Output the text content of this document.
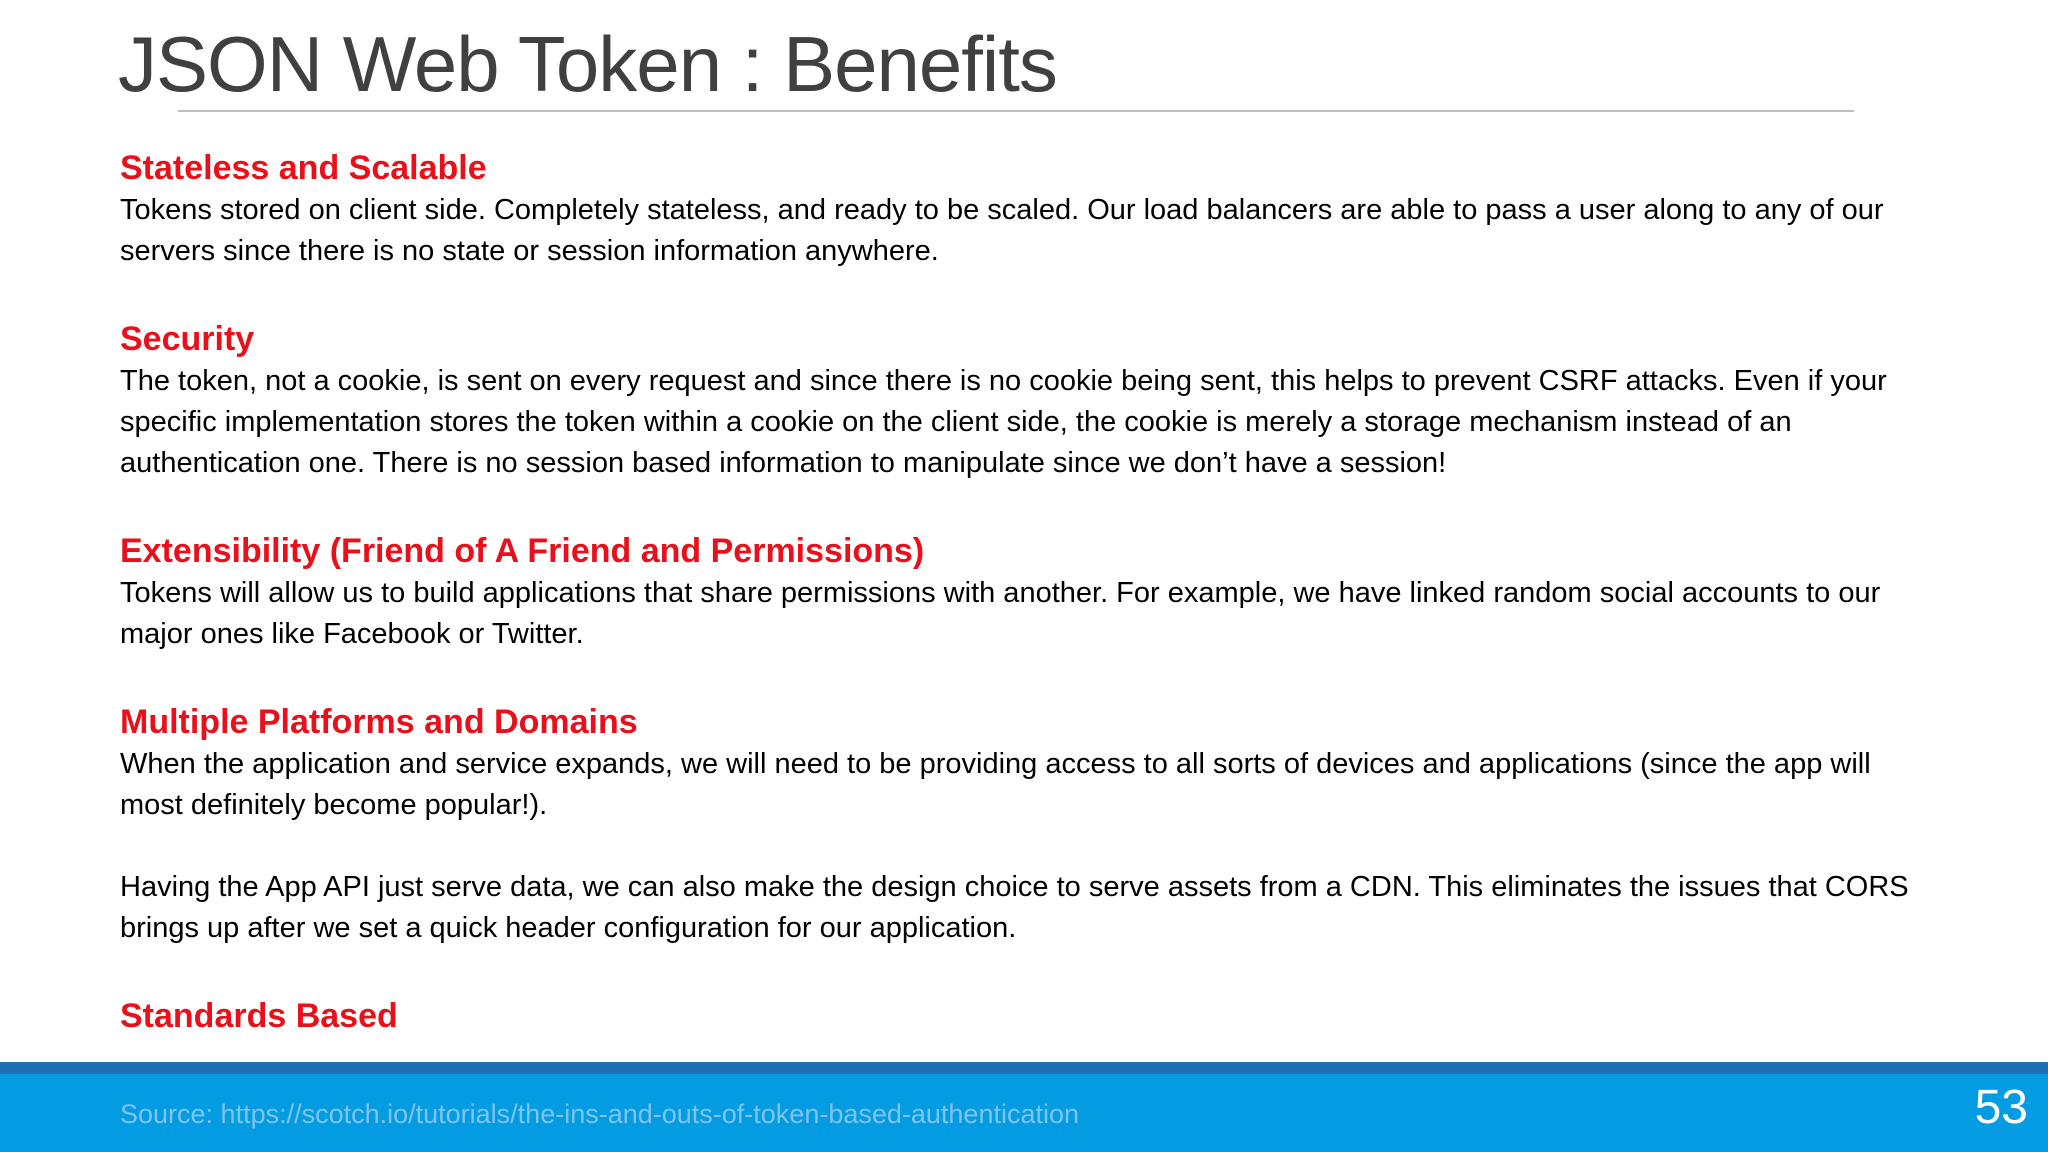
JSON Web Token : Benefits
Stateless and Scalable

Tokens stored on client side. Completely stateless, and ready to be scaled. Our load balancers are able to pass a user along to any of our servers since there is no state or session information anywhere.

Security

The token, not a cookie, is sent on every request and since there is no cookie being sent, this helps to prevent CSRF attacks. Even if your specific implementation stores the token within a cookie on the client side, the cookie is merely a storage mechanism instead of an authentication one. There is no session based information to manipulate since we don’t have a session!

Extensibility (Friend of A Friend and Permissions)

Tokens will allow us to build applications that share permissions with another. For example, we have linked random social accounts to our major ones like Facebook or Twitter.

Multiple Platforms and Domains

When the application and service expands, we will need to be providing access to all sorts of devices and applications (since the app will most definitely become popular!).

Having the App API just serve data, we can also make the design choice to serve assets from a CDN. This eliminates the issues that CORS brings up after we set a quick header configuration for our application.

Standards Based
Source: https://scotch.io/tutorials/the-ins-and-outs-of-token-based-authentication	53
